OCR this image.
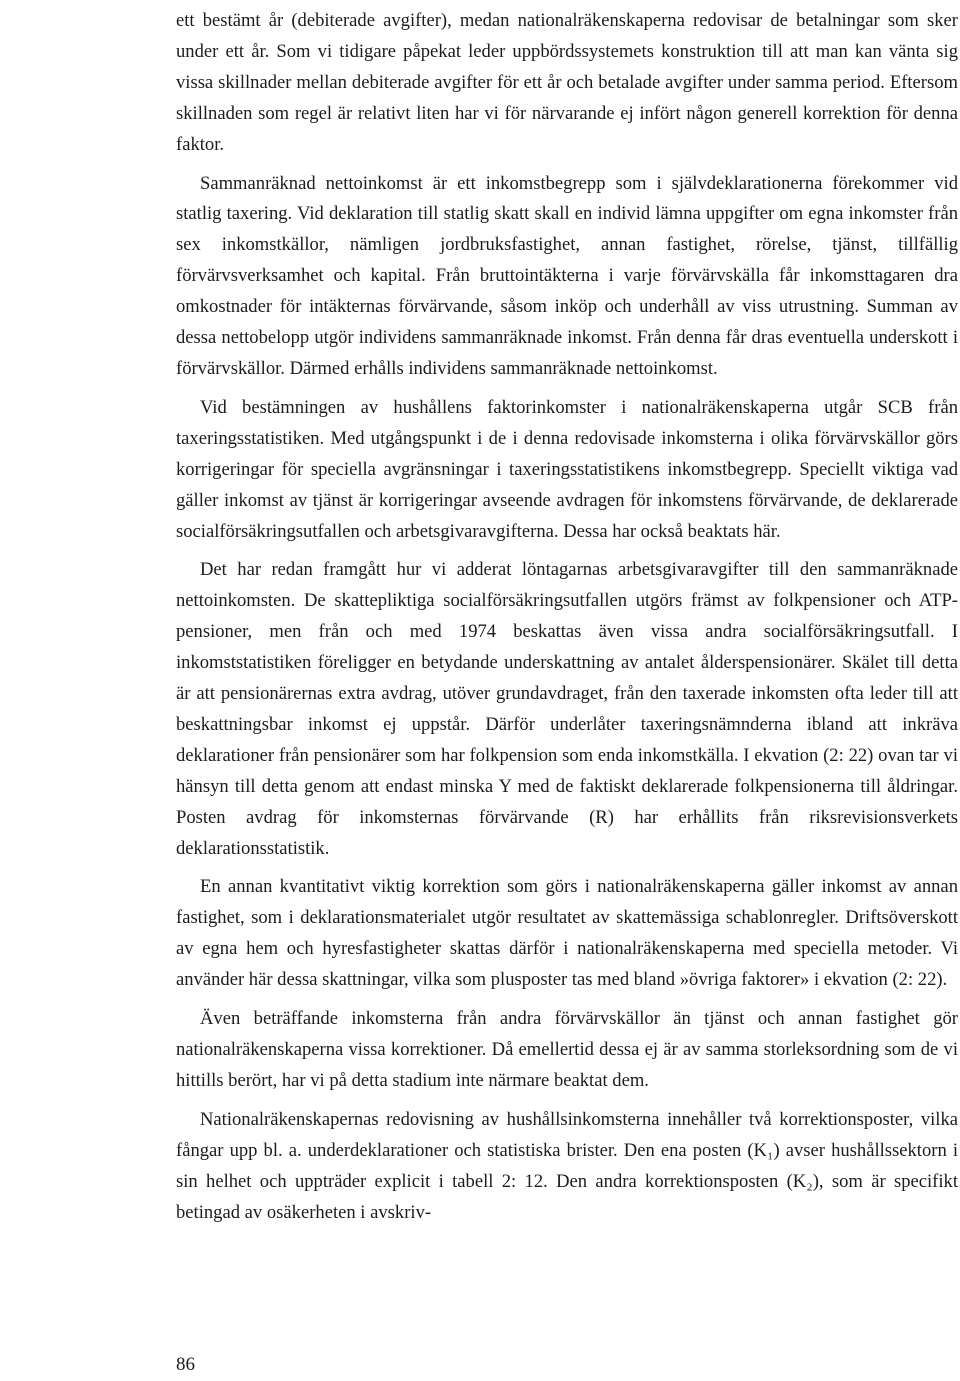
ett bestämt år (debiterade avgifter), medan nationalräkenskaperna redovisar de betalningar som sker under ett år. Som vi tidigare påpekat leder uppbördssystemets konstruktion till att man kan vänta sig vissa skillnader mellan debiterade avgifter för ett år och betalade avgifter under samma period. Eftersom skillnaden som regel är relativt liten har vi för närvarande ej infört någon generell korrektion för denna faktor.

Sammanräknad nettoinkomst är ett inkomstbegrepp som i självdeklarationerna förekommer vid statlig taxering. Vid deklaration till statlig skatt skall en individ lämna uppgifter om egna inkomster från sex inkomstkällor, nämligen jordbruksfastighet, annan fastighet, rörelse, tjänst, tillfällig förvärvsverksamhet och kapital. Från bruttointäkterna i varje förvärvskälla får inkomsttagaren dra omkostnader för intäkternas förvärvande, såsom inköp och underhåll av viss utrustning. Summan av dessa nettobelopp utgör individens sammanräknade inkomst. Från denna får dras eventuella underskott i förvärvskällor. Därmed erhålls individens sammanräknade nettoinkomst.

Vid bestämningen av hushållens faktorinkomster i nationalräkenskaperna utgår SCB från taxeringsstatistiken. Med utgångspunkt i de i denna redovisade inkomsterna i olika förvärvskällor görs korrigeringar för speciella avgränsningar i taxeringsstatistikens inkomstbegrepp. Speciellt viktiga vad gäller inkomst av tjänst är korrigeringar avseende avdragen för inkomstens förvärvande, de deklarerade socialförsäkringsutfallen och arbetsgivaravgifterna. Dessa har också beaktats här.

Det har redan framgått hur vi adderat löntagarnas arbetsgivaravgifter till den sammanräknade nettoinkomsten. De skattepliktiga socialförsäkringsutfallen utgörs främst av folkpensioner och ATP-pensioner, men från och med 1974 beskattas även vissa andra socialförsäkringsutfall. I inkomststatistiken föreligger en betydande underskattning av antalet ålderspensionärer. Skälet till detta är att pensionärernas extra avdrag, utöver grundavdraget, från den taxerade inkomsten ofta leder till att beskattningsbar inkomst ej uppstår. Därför underlåter taxeringsnämnderna ibland att inkräva deklarationer från pensionärer som har folkpension som enda inkomstkälla. I ekvation (2: 22) ovan tar vi hänsyn till detta genom att endast minska Y med de faktiskt deklarerade folkpensionerna till åldringar. Posten avdrag för inkomsternas förvärvande (R) har erhållits från riksrevisionsverkets deklarationsstatistik.

En annan kvantitativt viktig korrektion som görs i nationalräkenskaperna gäller inkomst av annan fastighet, som i deklarationsmaterialet utgör resultatet av skattemässiga schablonregler. Driftsöverskott av egna hem och hyresfastigheter skattas därför i nationalräkenskaperna med speciella metoder. Vi använder här dessa skattningar, vilka som plusposter tas med bland »övriga faktorer» i ekvation (2: 22).

Även beträffande inkomsterna från andra förvärvskällor än tjänst och annan fastighet gör nationalräkenskaperna vissa korrektioner. Då emellertid dessa ej är av samma storleksordning som de vi hittills berört, har vi på detta stadium inte närmare beaktat dem.

Nationalräkenskapernas redovisning av hushållsinkomsterna innehåller två korrektionsposter, vilka fångar upp bl. a. underdeklarationer och statistiska brister. Den ena posten (K₁) avser hushållssektorn i sin helhet och uppträder explicit i tabell 2: 12. Den andra korrektionsposten (K₂), som är specifikt betingad av osäkerheten i avskriv-

86
